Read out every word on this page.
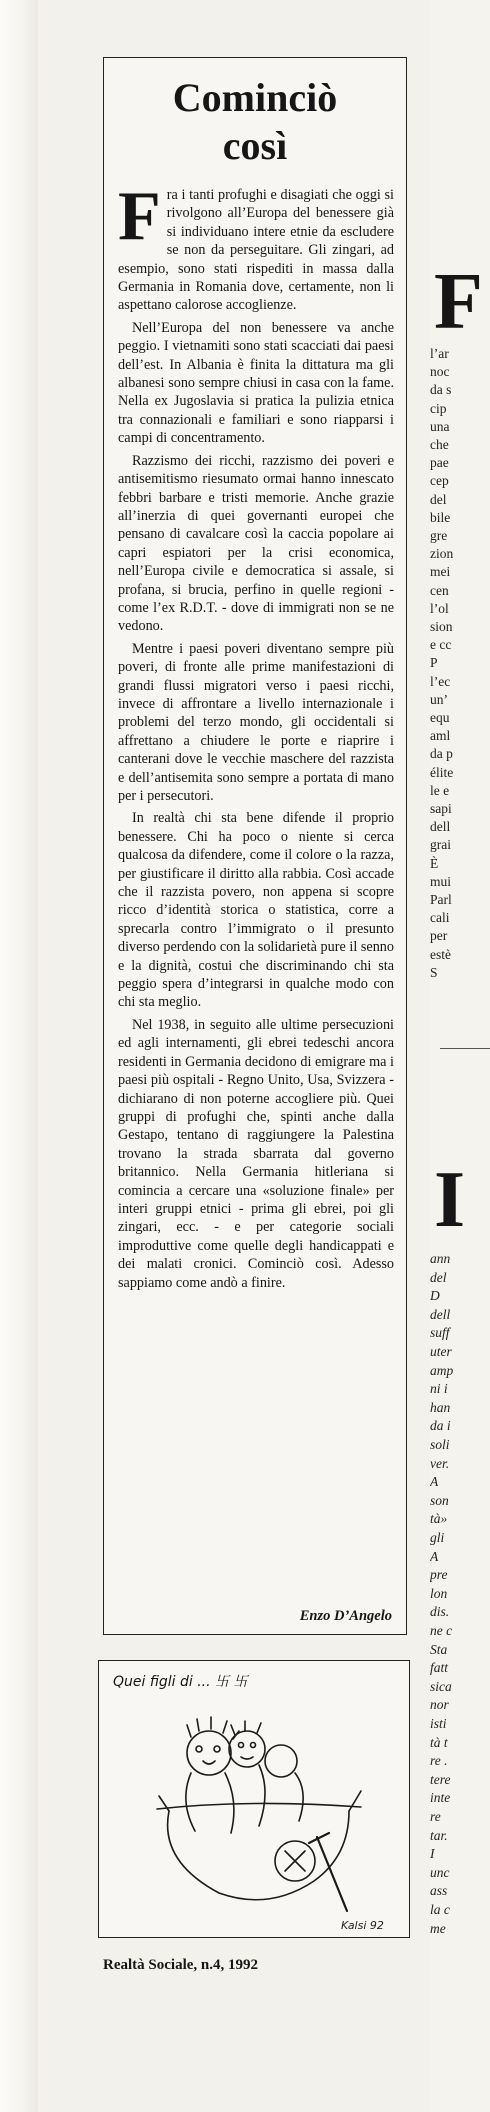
Cominciò
così

Fra i tanti profughi e disagiati che oggi si rivolgono all’Europa del benessere già si individuano intere etnie da escludere se non da perseguitare. Gli zingari, ad esempio, sono stati rispediti in massa dalla Germania in Romania dove, certamente, non li aspettano calorose accoglienze.

Nell’Europa del non benessere va anche peggio. I vietnamiti sono stati scacciati dai paesi dell’est. In Albania è finita la dittatura ma gli albanesi sono sempre chiusi in casa con la fame. Nella ex Jugoslavia si pratica la pulizia etnica tra connazionali e familiari e sono riapparsi i campi di concentramento.

Razzismo dei ricchi, razzismo dei poveri e antisemitismo riesumato ormai hanno innescato febbri barbare e tristi memorie. Anche grazie all’inerzia di quei governanti europei che pensano di cavalcare così la caccia popolare ai capri espiatori per la crisi economica, nell’Europa civile e democratica si assale, si profana, si brucia, perfino in quelle regioni - come l’ex R.D.T. - dove di immigrati non se ne vedono.

Mentre i paesi poveri diventano sempre più poveri, di fronte alle prime manifestazioni di grandi flussi migratori verso i paesi ricchi, invece di affrontare a livello internazionale i problemi del terzo mondo, gli occidentali si affrettano a chiudere le porte e riaprire i canterani dove le vecchie maschere del razzista e dell’antisemita sono sempre a portata di mano per i persecutori.

In realtà chi sta bene difende il proprio benessere. Chi ha poco o niente si cerca qualcosa da difendere, come il colore o la razza, per giustificare il diritto alla rabbia. Così accade che il razzista povero, non appena si scopre ricco d’identità storica o statistica, corre a sprecarla contro l’immigrato o il presunto diverso perdendo con la solidarietà pure il senno e la dignità, costui che discriminando chi sta peggio spera d’integrarsi in qualche modo con chi sta meglio.

Nel 1938, in seguito alle ultime persecuzioni ed agli internamenti, gli ebrei tedeschi ancora residenti in Germania decidono di emigrare ma i paesi più ospitali - Regno Unito, Usa, Svizzera - dichiarano di non poterne accogliere più. Quei gruppi di profughi che, spinti anche dalla Gestapo, tentano di raggiungere la Palestina trovano la strada sbarrata dal governo britannico. Nella Germania hitleriana si comincia a cercare una «soluzione finale» per interi gruppi etnici - prima gli ebrei, poi gli zingari, ecc. - e per categorie sociali improduttive come quelle degli handicappati e dei malati cronici. Cominciò così. Adesso sappiamo come andò a finire.

Enzo D’Angelo
Quei figli di ... 卐 卐
Kalsi 92
Realtà Sociale, n.4, 1992
F
l’ar
noc
da s
cip
una
che
pae
cep
del
bile
gre
zion
mei
cen
l’ol
sion
e cc
P
l’ec
un’
equ
aml
da p
élite
le e
sapi
dell
grai
È
mui
Parl
cali
per
estè
S
I
ann
del
D
dell
suff
uter
amp
ni i
han
da i
soli
ver.
A
son
tà»
gli
A
pre
lon
dis.
ne c
Sta
fatt
sica
nor
isti
tà t
re .
tere
inte
re
tar.
I
unc
ass
la c
me
